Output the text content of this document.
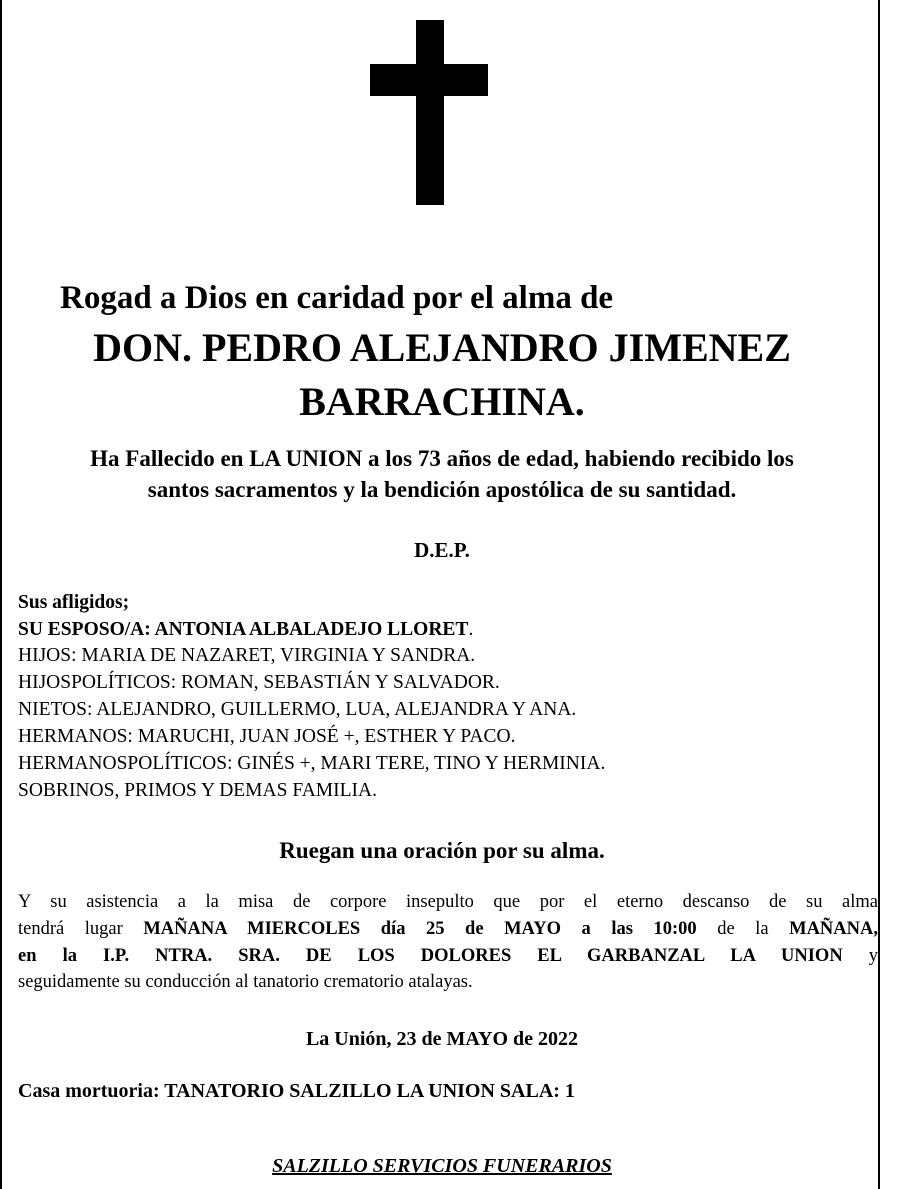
Rogad a Dios en caridad por el alma de
DON. PEDRO ALEJANDRO JIMENEZ
BARRACHINA.
Ha Fallecido en LA UNION a los 73 años de edad, habiendo recibido los
santos sacramentos y la bendición apostólica de su santidad.
D.E.P.
Sus afligidos;
SU ESPOSO/A: ANTONIA ALBALADEJO LLORET.
HIJOS: MARIA DE NAZARET, VIRGINIA Y SANDRA.
HIJOSPOLÍTICOS: ROMAN, SEBASTIÁN Y SALVADOR.
NIETOS: ALEJANDRO, GUILLERMO, LUA, ALEJANDRA Y ANA.
HERMANOS: MARUCHI, JUAN JOSÉ +, ESTHER Y PACO.
HERMANOSPOLÍTICOS: GINÉS +, MARI TERE, TINO Y HERMINIA.
SOBRINOS, PRIMOS Y DEMAS FAMILIA.
Ruegan una oración por su alma.
Y su asistencia a la misa de corpore insepulto que por el eterno descanso de su alma
tendrá lugar MAÑANA MIERCOLES día 25 de MAYO a las 10:00 de la MAÑANA,
en la I.P. NTRA. SRA. DE LOS DOLORES EL GARBANZAL LA UNION y
seguidamente su conducción al tanatorio crematorio atalayas.
La Unión, 23 de MAYO de 2022
Casa mortuoria: TANATORIO SALZILLO LA UNION SALA: 1
SALZILLO SERVICIOS FUNERARIOS
